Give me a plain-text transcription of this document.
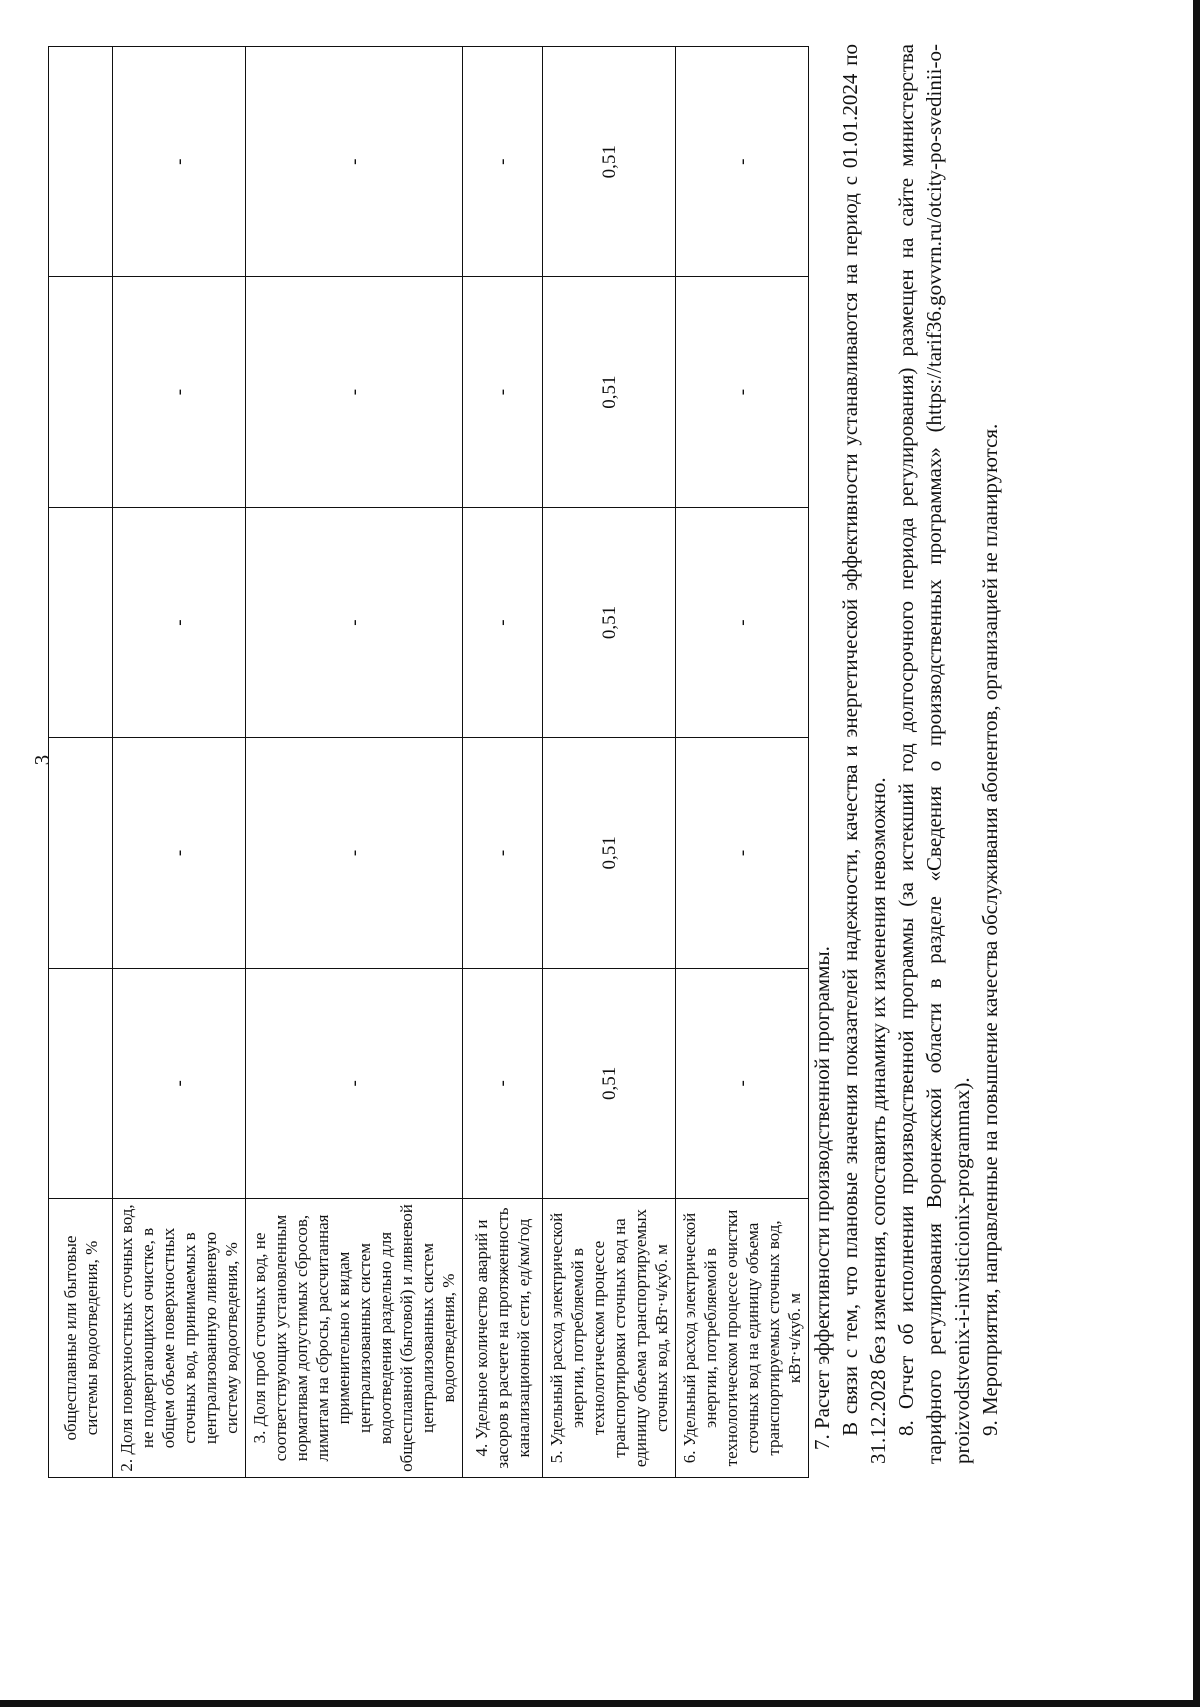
3
общесплавные или бытовые системы водоотведения, %					
2. Доля поверхностных сточных вод, не подвергающихся очистке, в общем объеме поверхностных сточных вод, принимаемых в централизованную ливневую систему водоотведения, %	-	-	-	-	-
3. Доля проб сточных вод, не соответствующих установленным нормативам допустимых сбросов, лимитам на сбросы, рассчитанная применительно к видам централизованных систем водоотведения раздельно для общесплавной (бытовой) и ливневой централизованных систем водоотведения, %	-	-	-	-	-
4. Удельное количество аварий и засоров в расчете на протяженность канализационной сети, ед/км/год	-	-	-	-	-
5. Удельный расход электрической энергии, потребляемой в технологическом процессе транспортировки сточных вод на единицу объема транспортируемых сточных вод, кВт·ч/куб. м	0,51	0,51	0,51	0,51	0,51
6. Удельный расход электрической энергии, потребляемой в технологическом процессе очистки сточных вод на единицу объема транспортируемых сточных вод, кВт·ч/куб. м	-	-	-	-	-

7. Расчет эффективности производственной программы. В связи с тем, что плановые значения показателей надежности, качества и энергетической эффективности устанавливаются на период с 01.01.2024 по 31.12.2028 без изменения, сопоставить динамику их изменения невозможно. 8. Отчет об исполнении производственной программы (за истекший год долгосрочного периода регулирования) размещен на сайте министерства тарифного регулирования Воронежской области в разделе «Сведения о производственных программах» (https://tarif36.govvrn.ru/otcity-po-svedinii-o-proizvodstvenix-i-invisticionix-programmax). 9. Мероприятия, направленные на повышение качества обслуживания абонентов, организацией не планируются.
